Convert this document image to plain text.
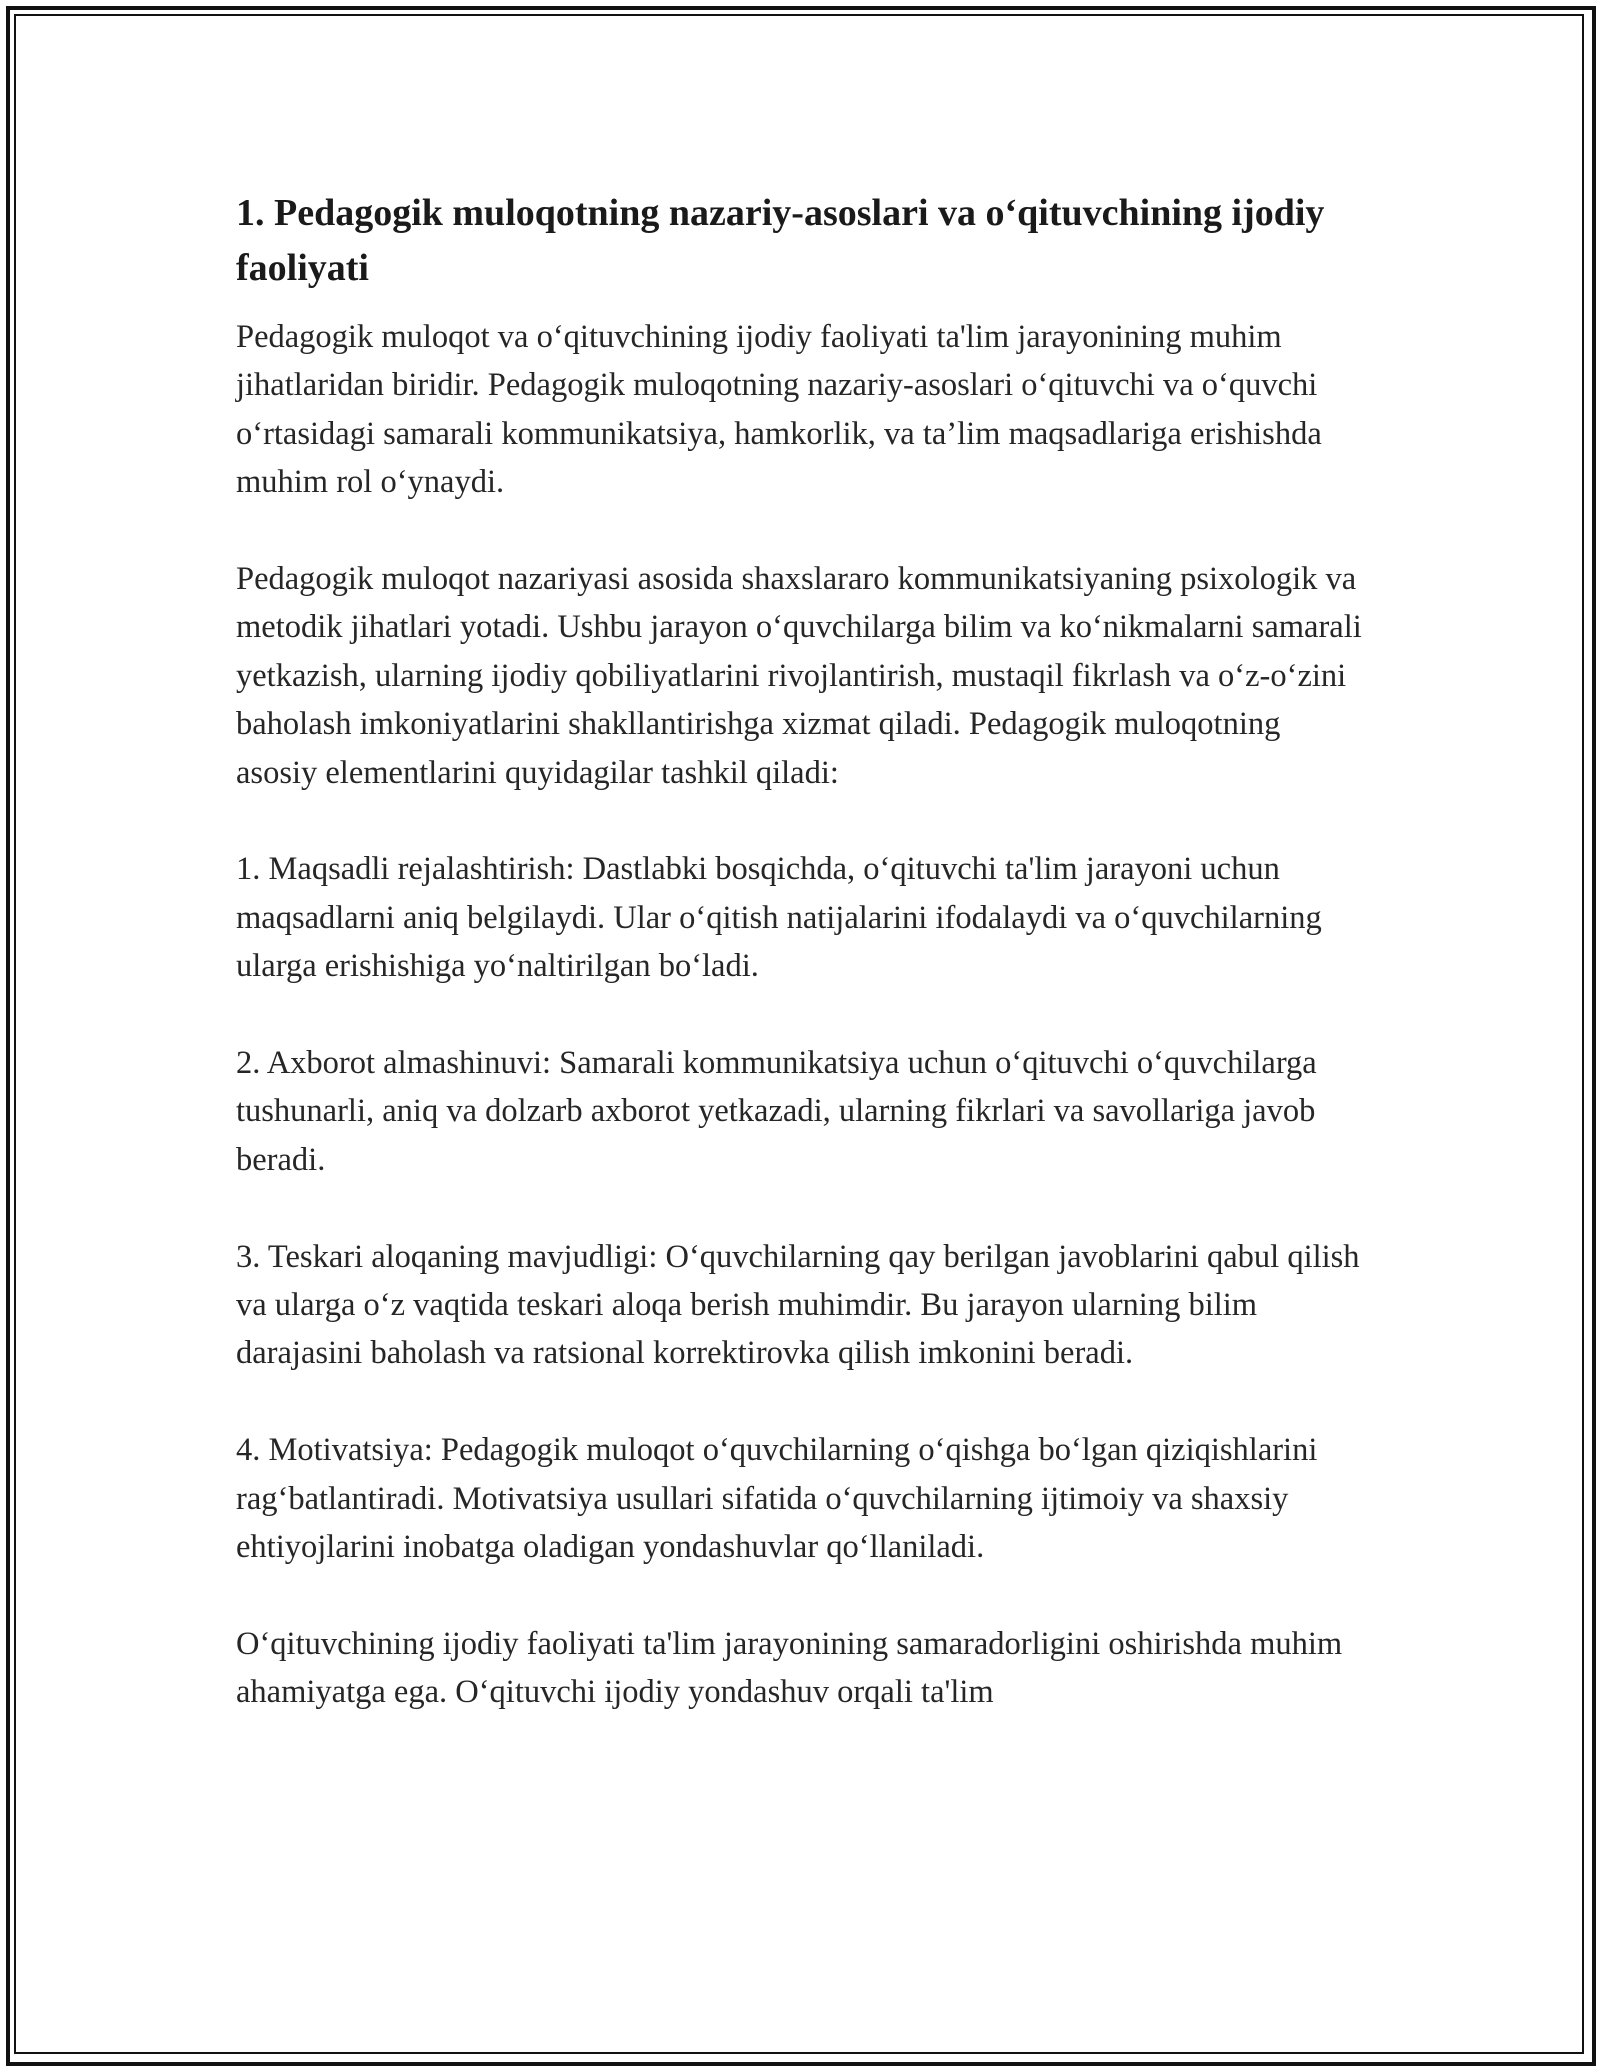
1. Pedagogik muloqotning nazariy-asoslari va o‘qituvchining ijodiy faoliyati

Pedagogik muloqot va o‘qituvchining ijodiy faoliyati ta'lim jarayonining muhim jihatlaridan biridir. Pedagogik muloqotning nazariy-asoslari o‘qituvchi va o‘quvchi o‘rtasidagi samarali kommunikatsiya, hamkorlik, va ta’lim maqsadlariga erishishda muhim rol o‘ynaydi.

Pedagogik muloqot nazariyasi asosida shaxslararo kommunikatsiyaning psixologik va metodik jihatlari yotadi. Ushbu jarayon o‘quvchilarga bilim va ko‘nikmalarni samarali yetkazish, ularning ijodiy qobiliyatlarini rivojlantirish, mustaqil fikrlash va o‘z-o‘zini baholash imkoniyatlarini shakllantirishga xizmat qiladi. Pedagogik muloqotning asosiy elementlarini quyidagilar tashkil qiladi:

1. Maqsadli rejalashtirish: Dastlabki bosqichda, o‘qituvchi ta'lim jarayoni uchun maqsadlarni aniq belgilaydi. Ular o‘qitish natijalarini ifodalaydi va o‘quvchilarning ularga erishishiga yo‘naltirilgan bo‘ladi.

2. Axborot almashinuvi: Samarali kommunikatsiya uchun o‘qituvchi o‘quvchilarga tushunarli, aniq va dolzarb axborot yetkazadi, ularning fikrlari va savollariga javob beradi.

3. Teskari aloqaning mavjudligi: O‘quvchilarning qay berilgan javoblarini qabul qilish va ularga o‘z vaqtida teskari aloqa berish muhimdir. Bu jarayon ularning bilim darajasini baholash va ratsional korrektirovka qilish imkonini beradi.

4. Motivatsiya: Pedagogik muloqot o‘quvchilarning o‘qishga bo‘lgan qiziqishlarini rag‘batlantiradi. Motivatsiya usullari sifatida o‘quvchilarning ijtimoiy va shaxsiy ehtiyojlarini inobatga oladigan yondashuvlar qo‘llaniladi.

O‘qituvchining ijodiy faoliyati ta'lim jarayonining samaradorligini oshirishda muhim ahamiyatga ega. O‘qituvchi ijodiy yondashuv orqali ta'lim
